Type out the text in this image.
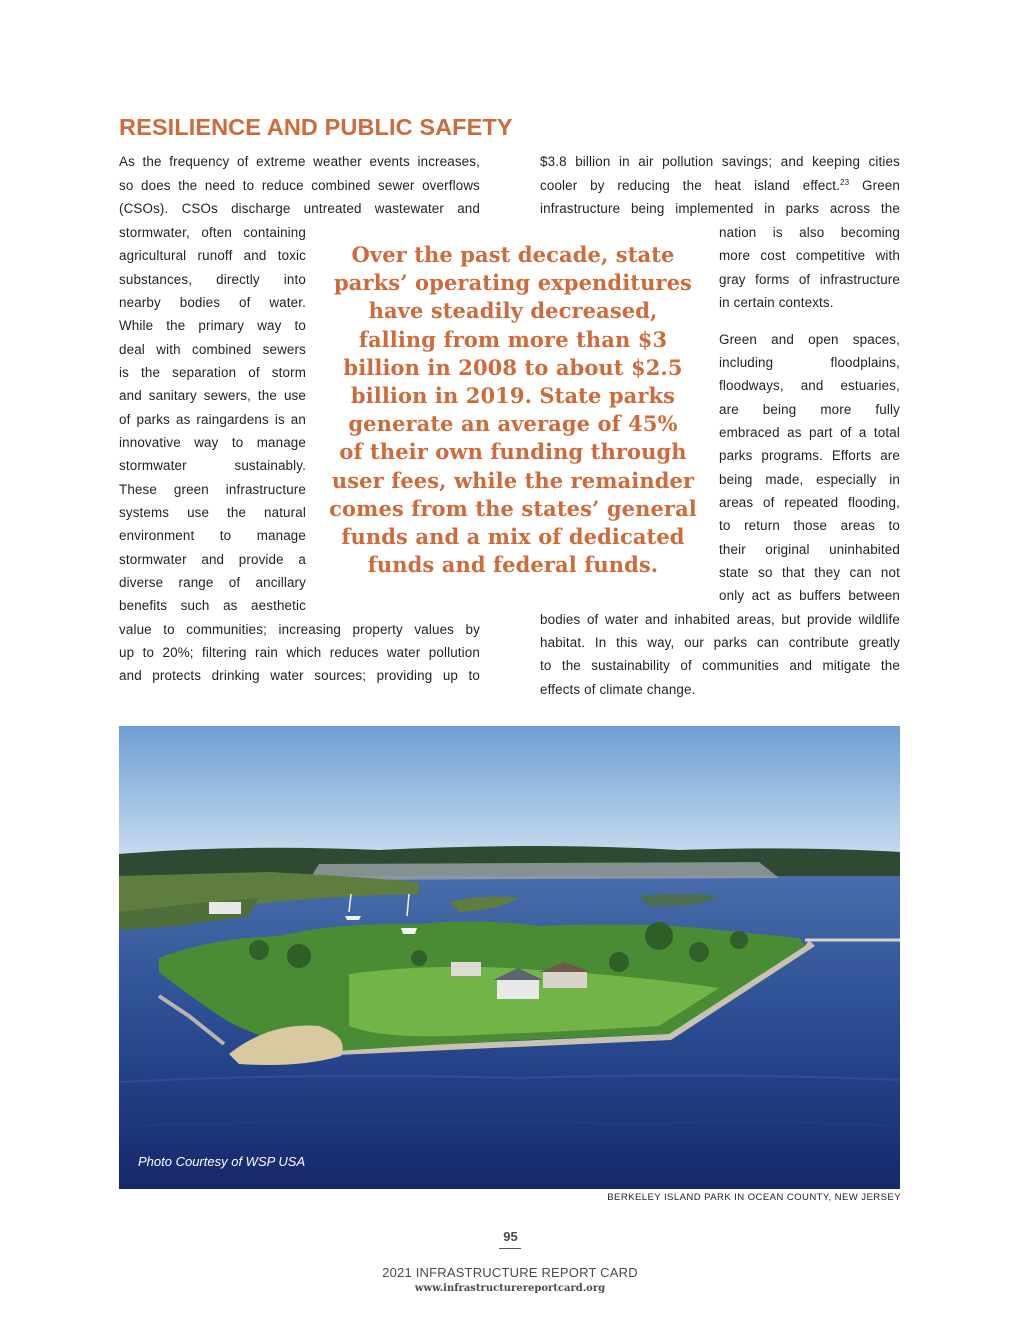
RESILIENCE AND PUBLIC SAFETY
As the frequency of extreme weather events increases,
so does the need to reduce combined sewer overflows
(CSOs). CSOs discharge untreated wastewater and
stormwater, often containing
agricultural runoff and toxic
substances, directly into
nearby bodies of water.
While the primary way to
deal with combined sewers
is the separation of storm
and sanitary sewers, the use
of parks as raingardens is an
innovative way to manage
stormwater sustainably.
These green infrastructure
systems use the natural
environment to manage
stormwater and provide a
diverse range of ancillary
benefits such as aesthetic
value to communities; increasing property values by
up to 20%; filtering rain which reduces water pollution
and protects drinking water sources; providing up to
$3.8 billion in air pollution savings; and keeping cities
cooler by reducing the heat island effect.$^{23}$ Green
infrastructure being implemented in parks across the
nation is also becoming
more cost competitive with
gray forms of infrastructure
in certain contexts.
Green and open spaces,
including floodplains,
floodways, and estuaries,
are being more fully
embraced as part of a total
parks programs. Efforts are
being made, especially in
areas of repeated flooding,
to return those areas to
their original uninhabited
state so that they can not
only act as buffers between
bodies of water and inhabited areas, but provide wildlife
habitat. In this way, our parks can contribute greatly
to the sustainability of communities and mitigate the
effects of climate change.
Over the past decade, state
parks’ operating expenditures
have steadily decreased,
falling from more than $3
billion in 2008 to about $2.5
billion in 2019. State parks
generate an average of 45%
of their own funding through
user fees, while the remainder
comes from the states’ general
funds and a mix of dedicated
funds and federal funds.
Photo Courtesy of WSP USA
BERKELEY ISLAND PARK IN OCEAN COUNTY, NEW JERSEY
95
2021 INFRASTRUCTURE REPORT CARD
www.infrastructurereportcard.org
